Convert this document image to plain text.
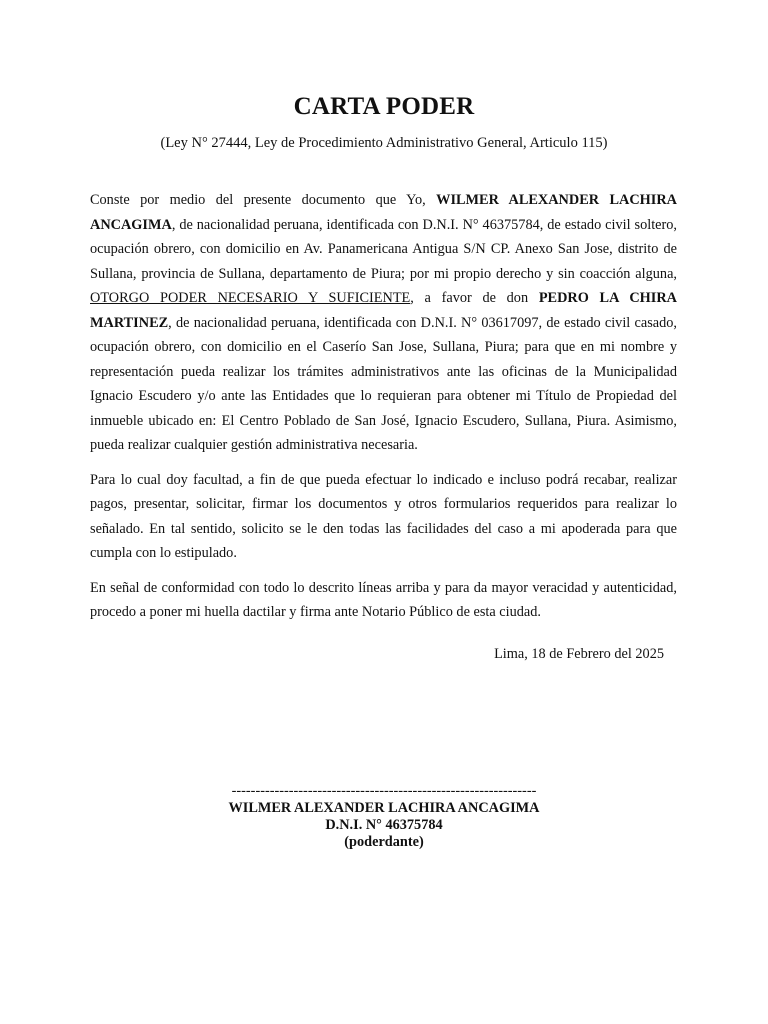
CARTA PODER

(Ley N° 27444, Ley de Procedimiento Administrativo General, Articulo 115)

Conste por medio del presente documento que Yo, WILMER ALEXANDER LACHIRA ANCAGIMA, de nacionalidad peruana, identificada con D.N.I. N° 46375784, de estado civil soltero, ocupación obrero, con domicilio en Av. Panamericana Antigua S/N CP. Anexo San Jose, distrito de Sullana, provincia de Sullana, departamento de Piura; por mi propio derecho y sin coacción alguna, OTORGO PODER NECESARIO Y SUFICIENTE, a favor de don PEDRO LA CHIRA MARTINEZ, de nacionalidad peruana, identificada con D.N.I. N° 03617097, de estado civil casado, ocupación obrero, con domicilio en el Caserío San Jose, Sullana, Piura; para que en mi nombre y representación pueda realizar los trámites administrativos ante las oficinas de la Municipalidad Ignacio Escudero y/o ante las Entidades que lo requieran para obtener mi Título de Propiedad del inmueble ubicado en: El Centro Poblado de San José, Ignacio Escudero, Sullana, Piura. Asimismo, pueda realizar cualquier gestión administrativa necesaria.

Para lo cual doy facultad, a fin de que pueda efectuar lo indicado e incluso podrá recabar, realizar pagos, presentar, solicitar, firmar los documentos y otros formularios requeridos para realizar lo señalado. En tal sentido, solicito se le den todas las facilidades del caso a mi apoderada para que cumpla con lo estipulado.

En señal de conformidad con todo lo descrito líneas arriba y para da mayor veracidad y autenticidad, procedo a poner mi huella dactilar y firma ante Notario Público de esta ciudad.

Lima, 18 de Febrero del 2025

----------------------------------------------------------------
WILMER ALEXANDER LACHIRA ANCAGIMA
D.N.I. N° 46375784
(poderdante)
